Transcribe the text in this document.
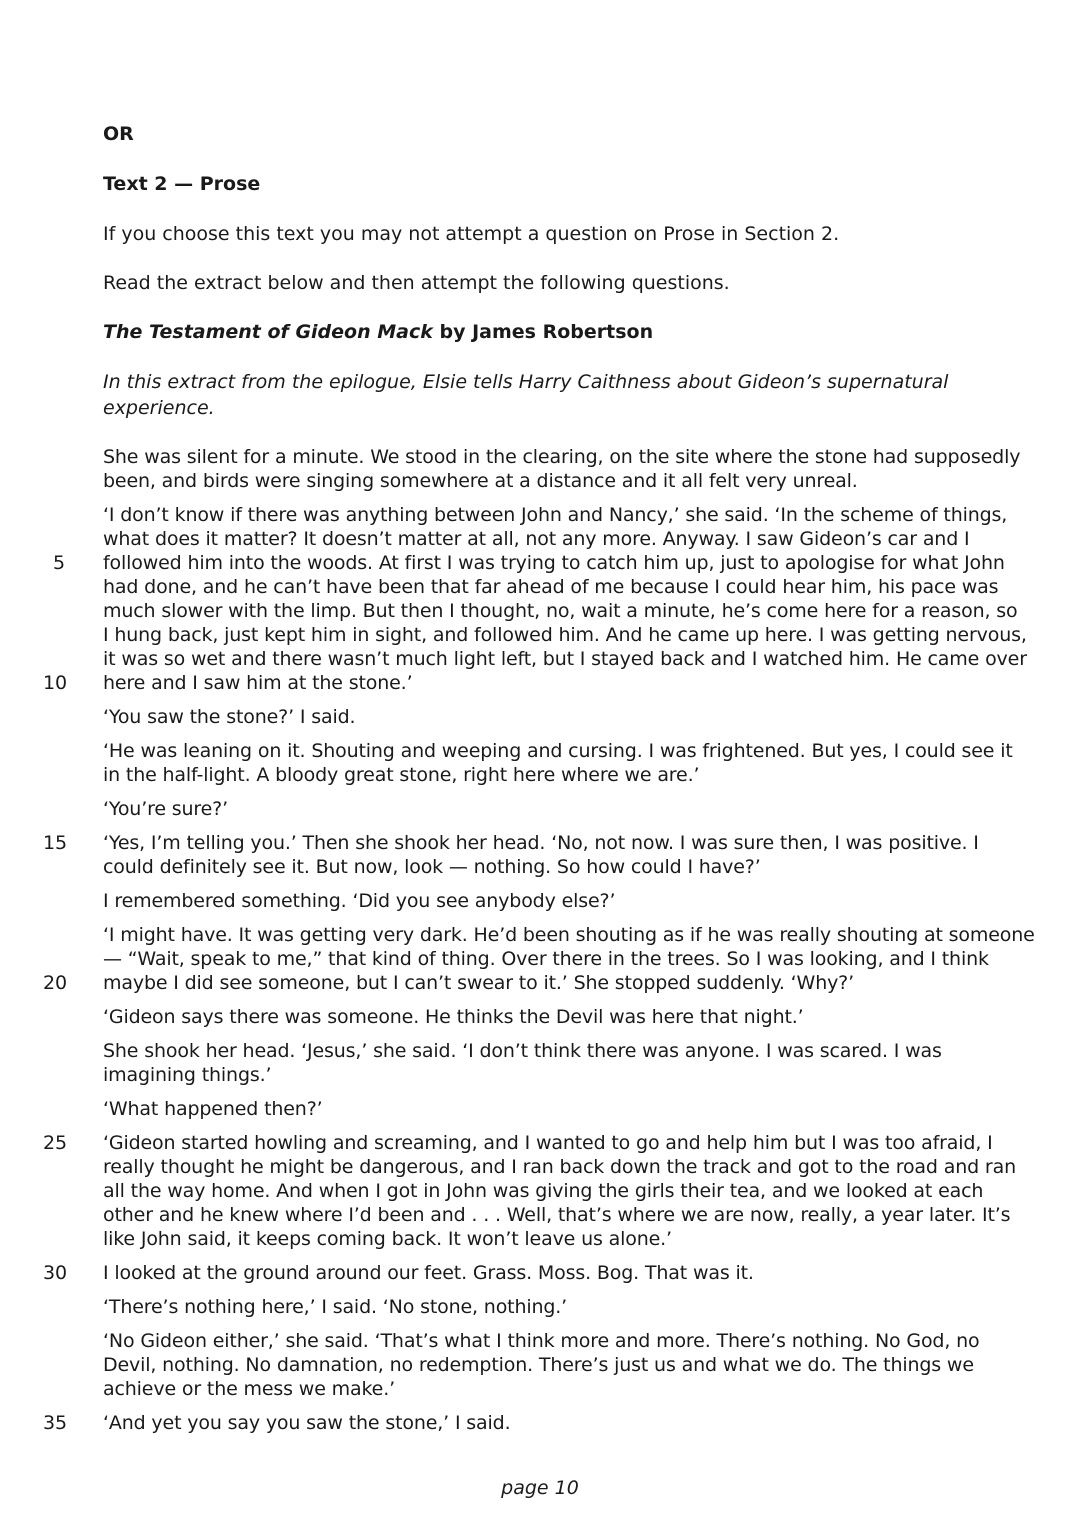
OR

Text 2 — Prose

If you choose this text you may not attempt a question on Prose in Section 2.

Read the extract below and then attempt the following questions.

The Testament of Gideon Mack by James Robertson

In this extract from the epilogue, Elsie tells Harry Caithness about Gideon’s supernatural experience.

She was silent for a minute. We stood in the clearing, on the site where the stone had supposedly
been, and birds were singing somewhere at a distance and it all felt very unreal.
5
10
‘I don’t know if there was anything between John and Nancy,’ she said. ‘In the scheme of things,
what does it matter? It doesn’t matter at all, not any more. Anyway. I saw Gideon’s car and I
followed him into the woods. At first I was trying to catch him up, just to apologise for what John
had done, and he can’t have been that far ahead of me because I could hear him, his pace was
much slower with the limp. But then I thought, no, wait a minute, he’s come here for a reason, so
I hung back, just kept him in sight, and followed him. And he came up here. I was getting nervous,
it was so wet and there wasn’t much light left, but I stayed back and I watched him. He came over
here and I saw him at the stone.’
‘You saw the stone?’ I said.
‘He was leaning on it. Shouting and weeping and cursing. I was frightened. But yes, I could see it
in the half-light. A bloody great stone, right here where we are.’
‘You’re sure?’
15 ‘Yes, I’m telling you.’ Then she shook her head. ‘No, not now. I was sure then, I was positive. I
could definitely see it. But now, look — nothing. So how could I have?’
I remembered something. ‘Did you see anybody else?’
20
‘I might have. It was getting very dark. He’d been shouting as if he was really shouting at someone
— “Wait, speak to me,” that kind of thing. Over there in the trees. So I was looking, and I think
maybe I did see someone, but I can’t swear to it.’ She stopped suddenly. ‘Why?’
‘Gideon says there was someone. He thinks the Devil was here that night.’
She shook her head. ‘Jesus,’ she said. ‘I don’t think there was anyone. I was scared. I was
imagining things.’
‘What happened then?’
25 ‘Gideon started howling and screaming, and I wanted to go and help him but I was too afraid, I
really thought he might be dangerous, and I ran back down the track and got to the road and ran
all the way home. And when I got in John was giving the girls their tea, and we looked at each
other and he knew where I’d been and . . . Well, that’s where we are now, really, a year later. It’s
like John said, it keeps coming back. It won’t leave us alone.’
30 I looked at the ground around our feet. Grass. Moss. Bog. That was it.
‘There’s nothing here,’ I said. ‘No stone, nothing.’
‘No Gideon either,’ she said. ‘That’s what I think more and more. There’s nothing. No God, no
Devil, nothing. No damnation, no redemption. There’s just us and what we do. The things we
achieve or the mess we make.’
35 ‘And yet you say you saw the stone,’ I said.
page 10
